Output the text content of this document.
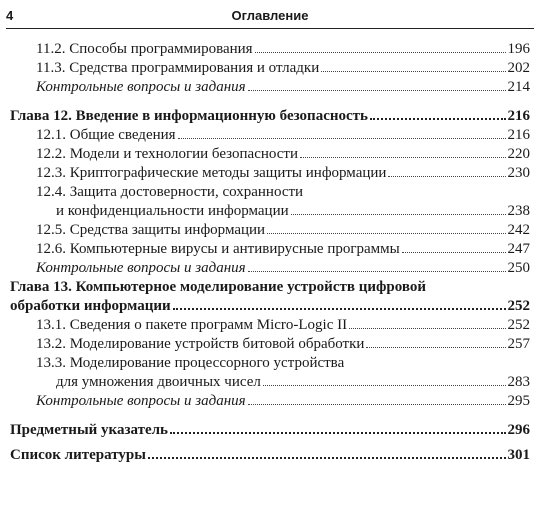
4	Оглавление
11.2. Способы программирования	196
11.3. Средства программирования и отладки	202
Контрольные вопросы и задания	214
Глава 12. Введение в информационную безопасность	216
12.1. Общие сведения	216
12.2. Модели и технологии безопасности	220
12.3. Криптографические методы защиты информации	230
12.4. Защита достоверности, сохранности
и конфиденциальности информации	238
12.5. Средства защиты информации	242
12.6. Компьютерные вирусы и антивирусные программы	247
Контрольные вопросы и задания	250
Глава 13. Компьютерное моделирование устройств цифровой
обработки информации	252
13.1. Сведения о пакете программ Micro-Logic II	252
13.2. Моделирование устройств битовой обработки	257
13.3. Моделирование процессорного устройства
для умножения двоичных чисел	283
Контрольные вопросы и задания	295
Предметный указатель	296
Список литературы	301
